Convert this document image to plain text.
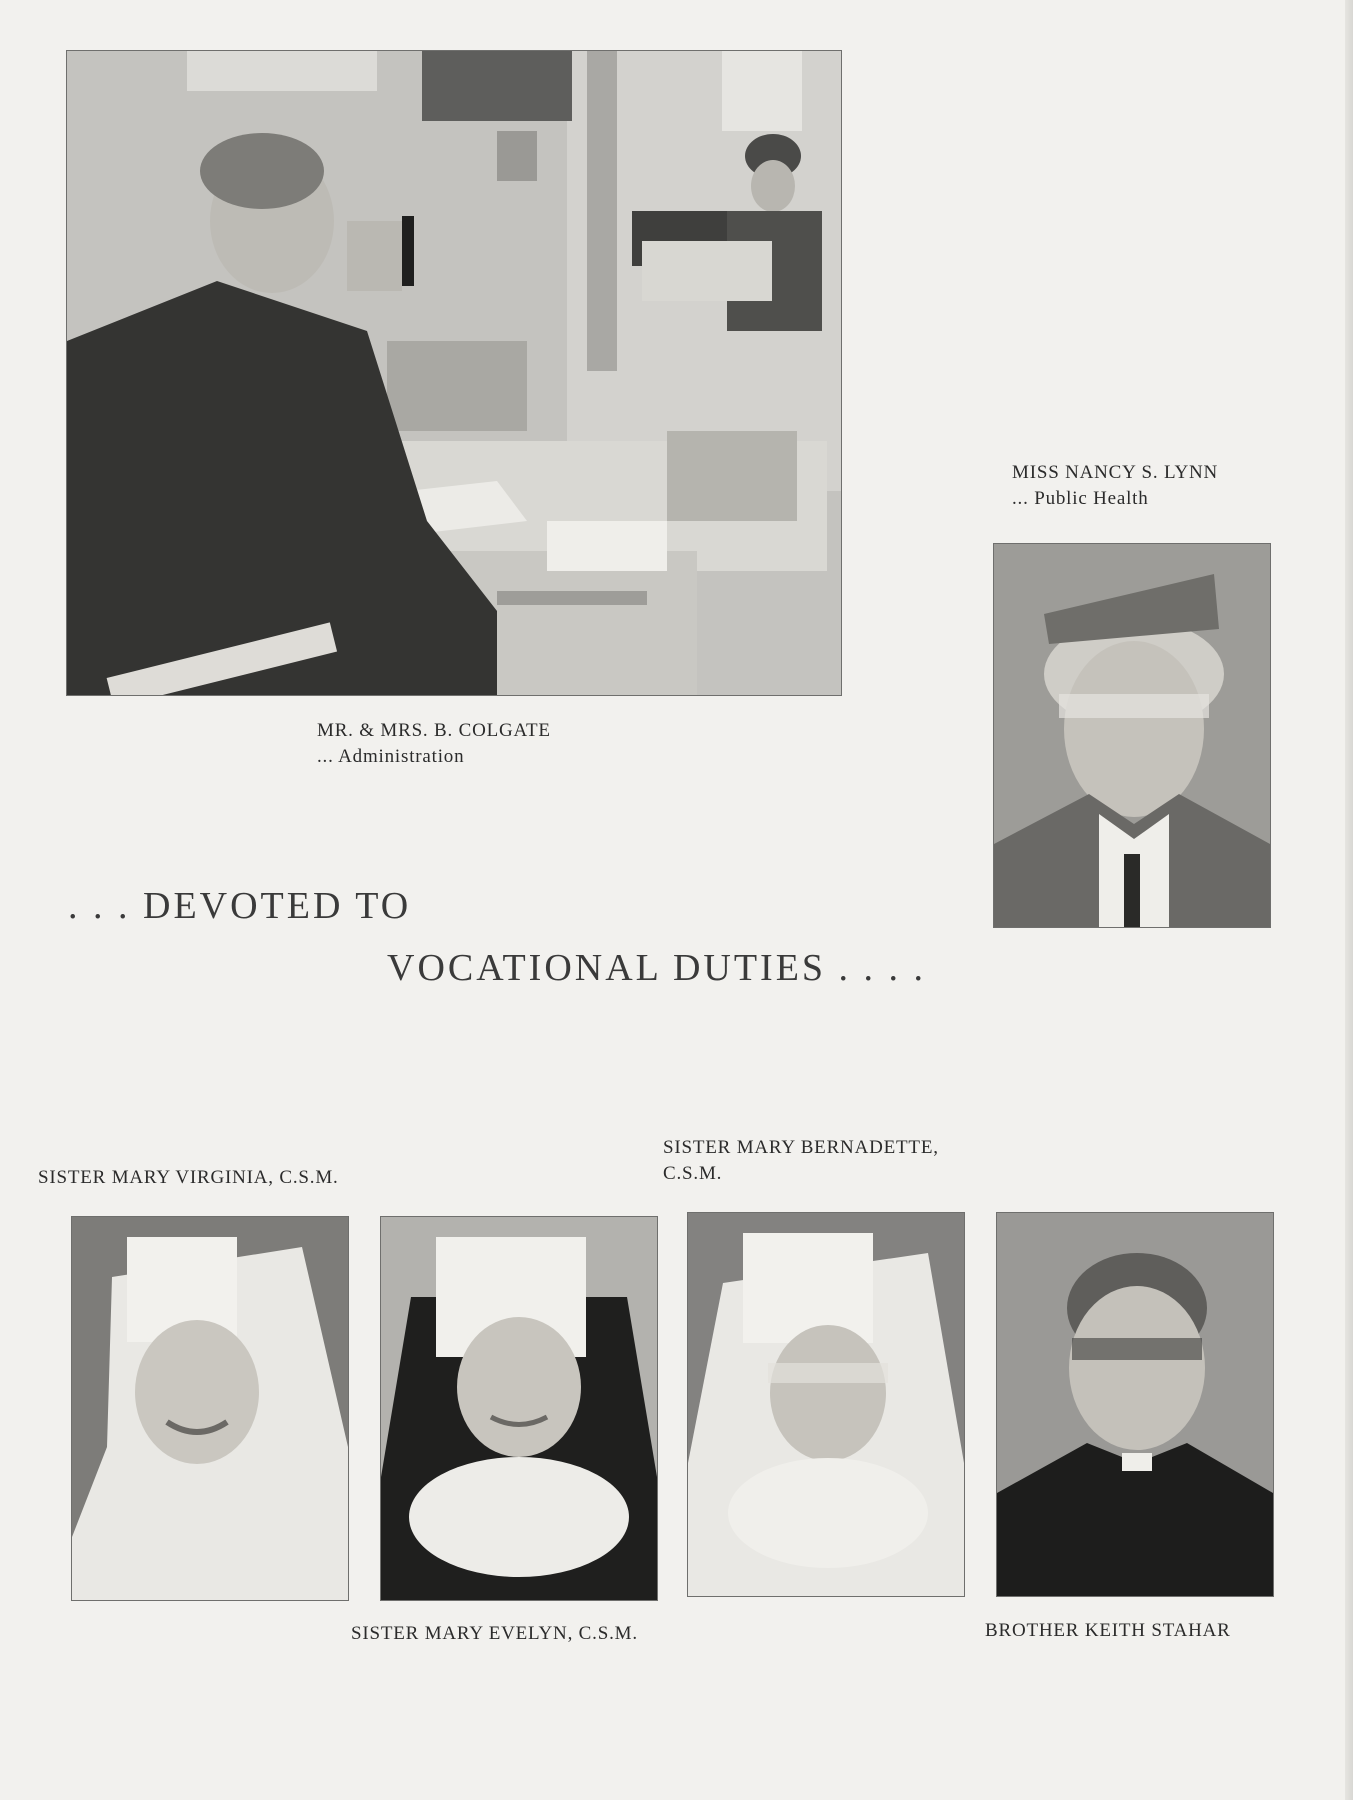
MR. & MRS. B. COLGATE
... Administration
MISS NANCY S. LYNN
... Public Health
. . . DEVOTED TO
VOCATIONAL DUTIES . . . .
SISTER MARY VIRGINIA, C.S.M.
SISTER MARY BERNADETTE,
C.S.M.
SISTER MARY EVELYN, C.S.M.	BROTHER KEITH STAHAR
